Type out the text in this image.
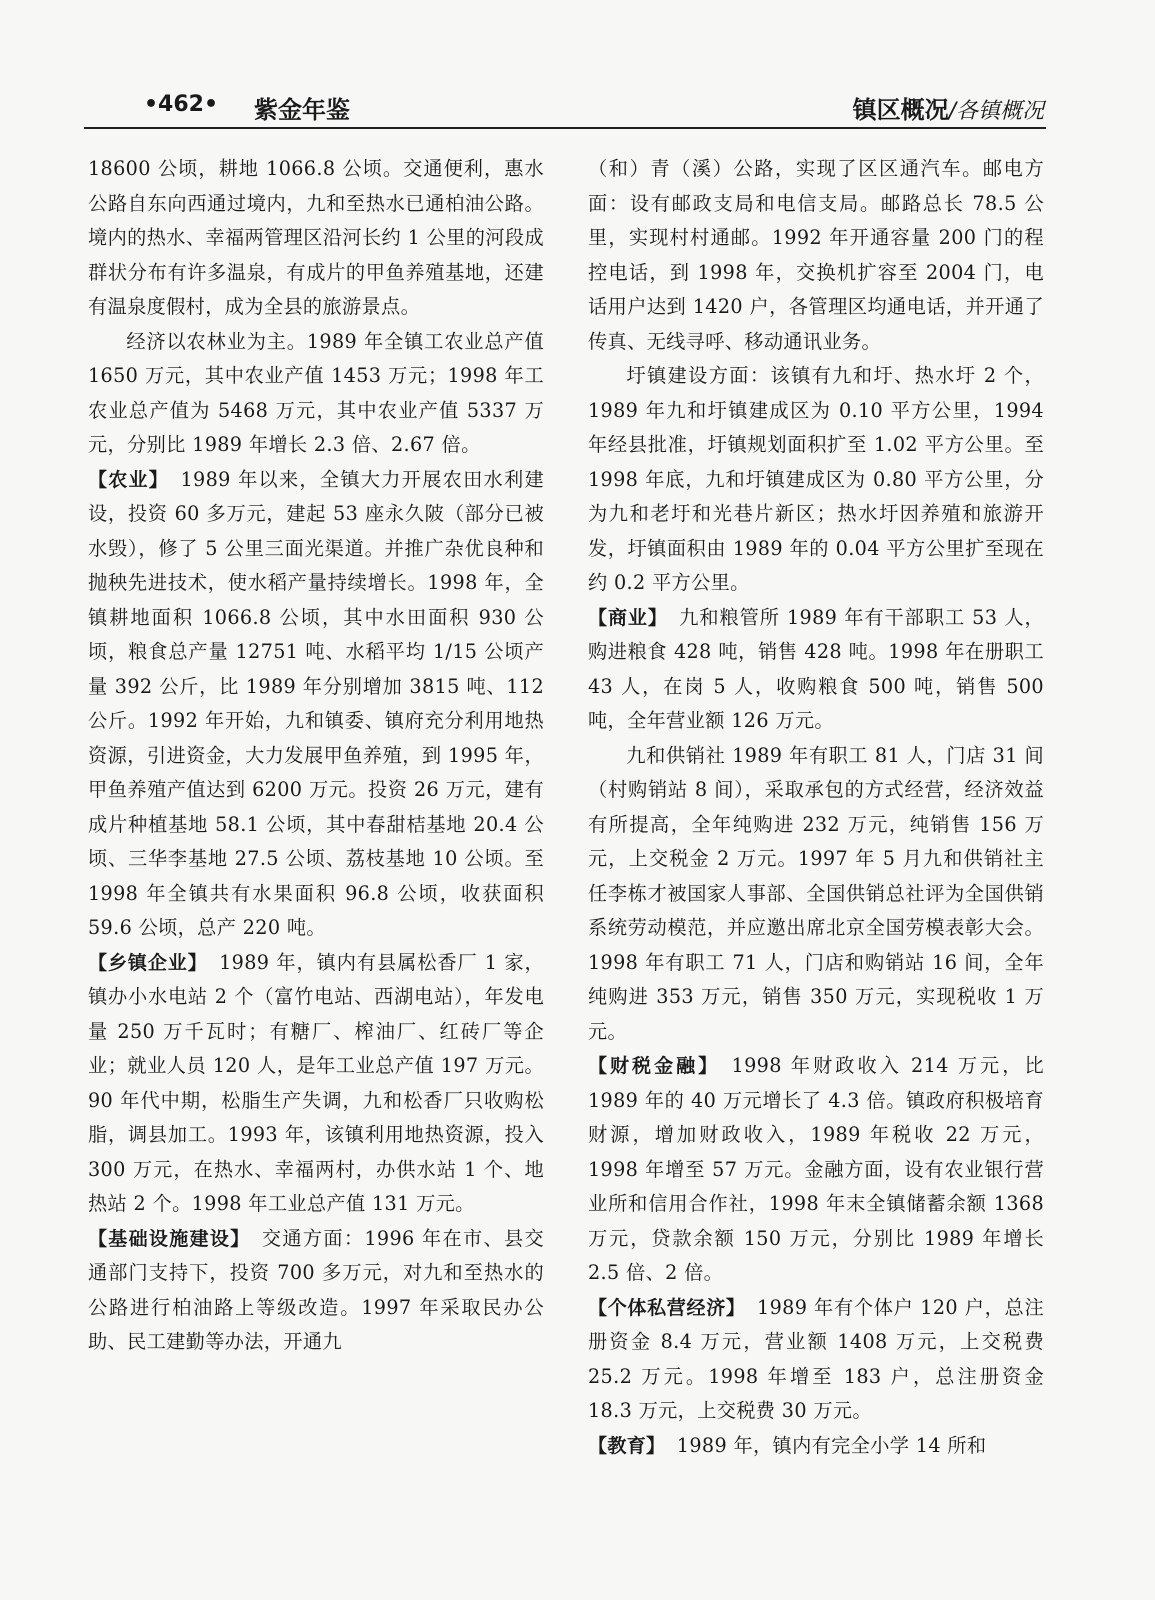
•462• 紫金年鉴	镇区概况/各镇概况

18600 公顷，耕地 1066.8 公顷。交通便利，惠水公路自东向西通过境内，九和至热水已通柏油公路。境内的热水、幸福两管理区沿河长约 1 公里的河段成群状分布有许多温泉，有成片的甲鱼养殖基地，还建有温泉度假村，成为全县的旅游景点。

经济以农林业为主。1989 年全镇工农业总产值 1650 万元，其中农业产值 1453 万元；1998 年工农业总产值为 5468 万元，其中农业产值 5337 万元，分别比 1989 年增长 2.3 倍、2.67 倍。

【农业】 1989 年以来，全镇大力开展农田水利建设，投资 60 多万元，建起 53 座永久陂（部分已被水毁），修了 5 公里三面光渠道。并推广杂优良种和抛秧先进技术，使水稻产量持续增长。1998 年，全镇耕地面积 1066.8 公顷，其中水田面积 930 公顷，粮食总产量 12751 吨、水稻平均 1/15 公顷产量 392 公斤，比 1989 年分别增加 3815 吨、112 公斤。1992 年开始，九和镇委、镇府充分利用地热资源，引进资金，大力发展甲鱼养殖，到 1995 年，甲鱼养殖产值达到 6200 万元。投资 26 万元，建有成片种植基地 58.1 公顷，其中春甜桔基地 20.4 公顷、三华李基地 27.5 公顷、荔枝基地 10 公顷。至 1998 年全镇共有水果面积 96.8 公顷，收获面积 59.6 公顷，总产 220 吨。

【乡镇企业】 1989 年，镇内有县属松香厂 1 家，镇办小水电站 2 个（富竹电站、西湖电站），年发电量 250 万千瓦时；有糖厂、榨油厂、红砖厂等企业；就业人员 120 人，是年工业总产值 197 万元。90 年代中期，松脂生产失调，九和松香厂只收购松脂，调县加工。1993 年，该镇利用地热资源，投入 300 万元，在热水、幸福两村，办供水站 1 个、地热站 2 个。1998 年工业总产值 131 万元。

【基础设施建设】 交通方面：1996 年在市、县交通部门支持下，投资 700 多万元，对九和至热水的公路进行柏油路上等级改造。1997 年采取民办公助、民工建勤等办法，开通九

（和）青（溪）公路，实现了区区通汽车。邮电方面：设有邮政支局和电信支局。邮路总长 78.5 公里，实现村村通邮。1992 年开通容量 200 门的程控电话，到 1998 年，交换机扩容至 2004 门，电话用户达到 1420 户，各管理区均通电话，并开通了传真、无线寻呼、移动通讯业务。

圩镇建设方面：该镇有九和圩、热水圩 2 个，1989 年九和圩镇建成区为 0.10 平方公里，1994 年经县批准，圩镇规划面积扩至 1.02 平方公里。至 1998 年底，九和圩镇建成区为 0.80 平方公里，分为九和老圩和光巷片新区；热水圩因养殖和旅游开发，圩镇面积由 1989 年的 0.04 平方公里扩至现在约 0.2 平方公里。

【商业】 九和粮管所 1989 年有干部职工 53 人，购进粮食 428 吨，销售 428 吨。1998 年在册职工 43 人，在岗 5 人，收购粮食 500 吨，销售 500 吨，全年营业额 126 万元。

九和供销社 1989 年有职工 81 人，门店 31 间（村购销站 8 间），采取承包的方式经营，经济效益有所提高，全年纯购进 232 万元，纯销售 156 万元，上交税金 2 万元。1997 年 5 月九和供销社主任李栋才被国家人事部、全国供销总社评为全国供销系统劳动模范，并应邀出席北京全国劳模表彰大会。1998 年有职工 71 人，门店和购销站 16 间，全年纯购进 353 万元，销售 350 万元，实现税收 1 万元。

【财税金融】 1998 年财政收入 214 万元，比 1989 年的 40 万元增长了 4.3 倍。镇政府积极培育财源，增加财政收入，1989 年税收 22 万元，1998 年增至 57 万元。金融方面，设有农业银行营业所和信用合作社，1998 年末全镇储蓄余额 1368 万元，贷款余额 150 万元，分别比 1989 年增长 2.5 倍、2 倍。

【个体私营经济】 1989 年有个体户 120 户，总注册资金 8.4 万元，营业额 1408 万元，上交税费 25.2 万元。1998 年增至 183 户，总注册资金 18.3 万元，上交税费 30 万元。

【教育】 1989 年，镇内有完全小学 14 所和
